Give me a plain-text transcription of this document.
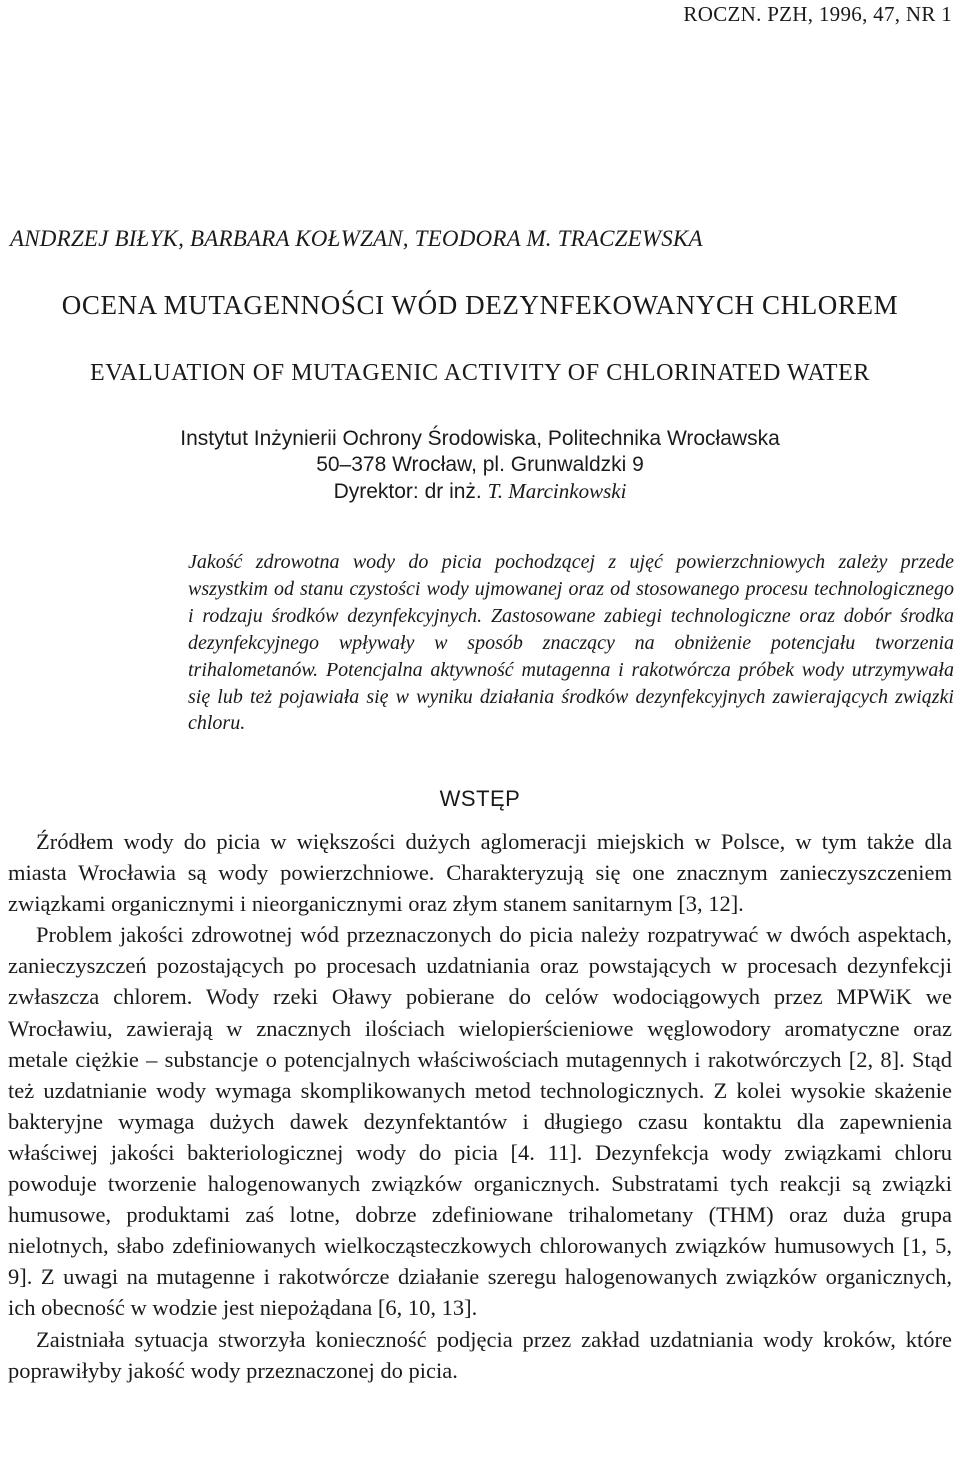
ROCZN. PZH, 1996, 47, NR 1
ANDRZEJ BIŁYK, BARBARA KOŁWZAN, TEODORA M. TRACZEWSKA
OCENA MUTAGENNOŚCI WÓD DEZYNFEKOWANYCH CHLOREM
EVALUATION OF MUTAGENIC ACTIVITY OF CHLORINATED WATER
Instytut Inżynierii Ochrony Środowiska, Politechnika Wrocławska
50–378 Wrocław, pl. Grunwaldzki 9
Dyrektor: dr inż. T. Marcinkowski

Jakość zdrowotna wody do picia pochodzącej z ujęć powierzchniowych zależy przede wszystkim od stanu czystości wody ujmowanej oraz od stosowanego procesu technologicznego i rodzaju środków dezynfekcyjnych. Zastosowane zabiegi technologiczne oraz dobór środka dezynfekcyjnego wpływały w sposób znaczący na obniżenie potencjału tworzenia trihalometanów. Potencjalna aktywność mutagenna i rakotwórcza próbek wody utrzymywała się lub też pojawiała się w wyniku działania środków dezynfekcyjnych zawierających związki chloru.

WSTĘP

Źródłem wody do picia w większości dużych aglomeracji miejskich w Polsce, w tym także dla miasta Wrocławia są wody powierzchniowe. Charakteryzują się one znacznym zanieczyszczeniem związkami organicznymi i nieorganicznymi oraz złym stanem sanitarnym [3, 12].

Problem jakości zdrowotnej wód przeznaczonych do picia należy rozpatrywać w dwóch aspektach, zanieczyszczeń pozostających po procesach uzdatniania oraz powstających w procesach dezynfekcji zwłaszcza chlorem. Wody rzeki Oławy pobierane do celów wodociągowych przez MPWiK we Wrocławiu, zawierają w znacznych ilościach wielopierścieniowe węglowodory aromatyczne oraz metale ciężkie – substancje o potencjalnych właściwościach mutagennych i rakotwórczych [2, 8]. Stąd też uzdatnianie wody wymaga skomplikowanych metod technologicznych. Z kolei wysokie skażenie bakteryjne wymaga dużych dawek dezynfektantów i długiego czasu kontaktu dla zapewnienia właściwej jakości bakteriologicznej wody do picia [4. 11]. Dezynfekcja wody związkami chloru powoduje tworzenie halogenowanych związków organicznych. Substratami tych reakcji są związki humusowe, produktami zaś lotne, dobrze zdefiniowane trihalometany (THM) oraz duża grupa nielotnych, słabo zdefiniowanych wielkocząsteczkowych chlorowanych związków humusowych [1, 5, 9]. Z uwagi na mutagenne i rakotwórcze działanie szeregu halogenowanych związków organicznych, ich obecność w wodzie jest niepożądana [6, 10, 13].

Zaistniała sytuacja stworzyła konieczność podjęcia przez zakład uzdatniania wody kroków, które poprawiłyby jakość wody przeznaczonej do picia.
